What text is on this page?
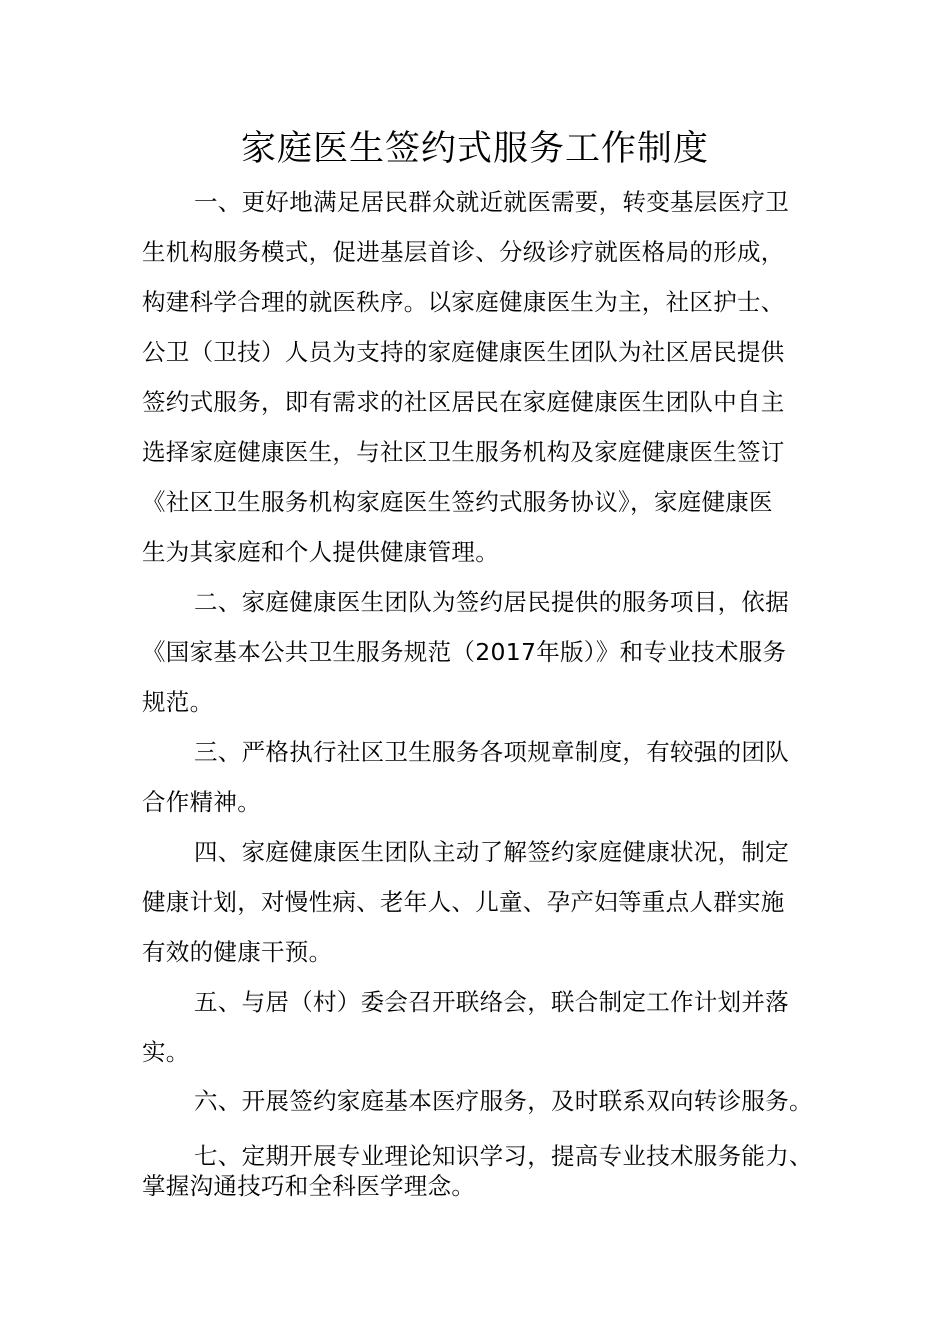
家庭医生签约式服务工作制度
一、更好地满足居民群众就近就医需要，转变基层医疗卫
生机构服务模式，促进基层首诊、分级诊疗就医格局的形成，
构建科学合理的就医秩序。以家庭健康医生为主，社区护士、
公卫（卫技）人员为支持的家庭健康医生团队为社区居民提供
签约式服务，即有需求的社区居民在家庭健康医生团队中自主
选择家庭健康医生，与社区卫生服务机构及家庭健康医生签订
《社区卫生服务机构家庭医生签约式服务协议》，家庭健康医
生为其家庭和个人提供健康管理。
二、家庭健康医生团队为签约居民提供的服务项目，依据
《国家基本公共卫生服务规范（2017年版）》和专业技术服务
规范。
三、严格执行社区卫生服务各项规章制度，有较强的团队
合作精神。
四、家庭健康医生团队主动了解签约家庭健康状况，制定
健康计划，对慢性病、老年人、儿童、孕产妇等重点人群实施
有效的健康干预。
五、与居（村）委会召开联络会，联合制定工作计划并落
实。
六、开展签约家庭基本医疗服务，及时联系双向转诊服务。
七、定期开展专业理论知识学习，提高专业技术服务能力、
掌握沟通技巧和全科医学理念。
